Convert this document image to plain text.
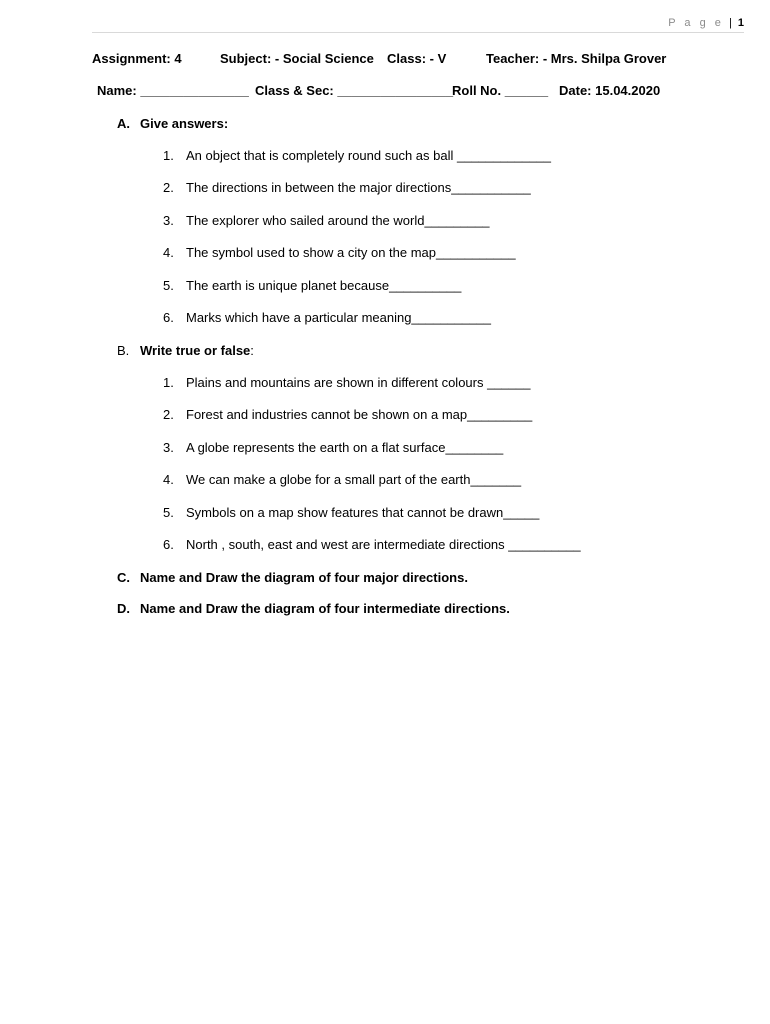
P a g e | 1
Assignment: 4	Subject: - Social Science Class: - V	Teacher: - Mrs. Shilpa Grover
Name: _______________ Class & Sec: ________________
Roll No. ______ Date: 15.04.2020
A. Give answers:
1. An object that is completely round such as ball _____________
2. The directions in between the major directions___________
3. The explorer who sailed around the world_________
4. The symbol used to show a city on the map___________
5. The earth is unique planet because__________
6. Marks which have a particular meaning___________
B. Write true or false:
1. Plains and mountains are shown in different colours ______
2. Forest and industries cannot be shown on a map_________
3. A globe represents the earth on a flat surface________
4. We can make a globe for a small part of the earth_______
5. Symbols on a map show features that cannot be drawn_____
6. North , south, east and west are intermediate directions __________
C. Name and Draw the diagram of four major directions.
D. Name and Draw the diagram of four intermediate directions.
